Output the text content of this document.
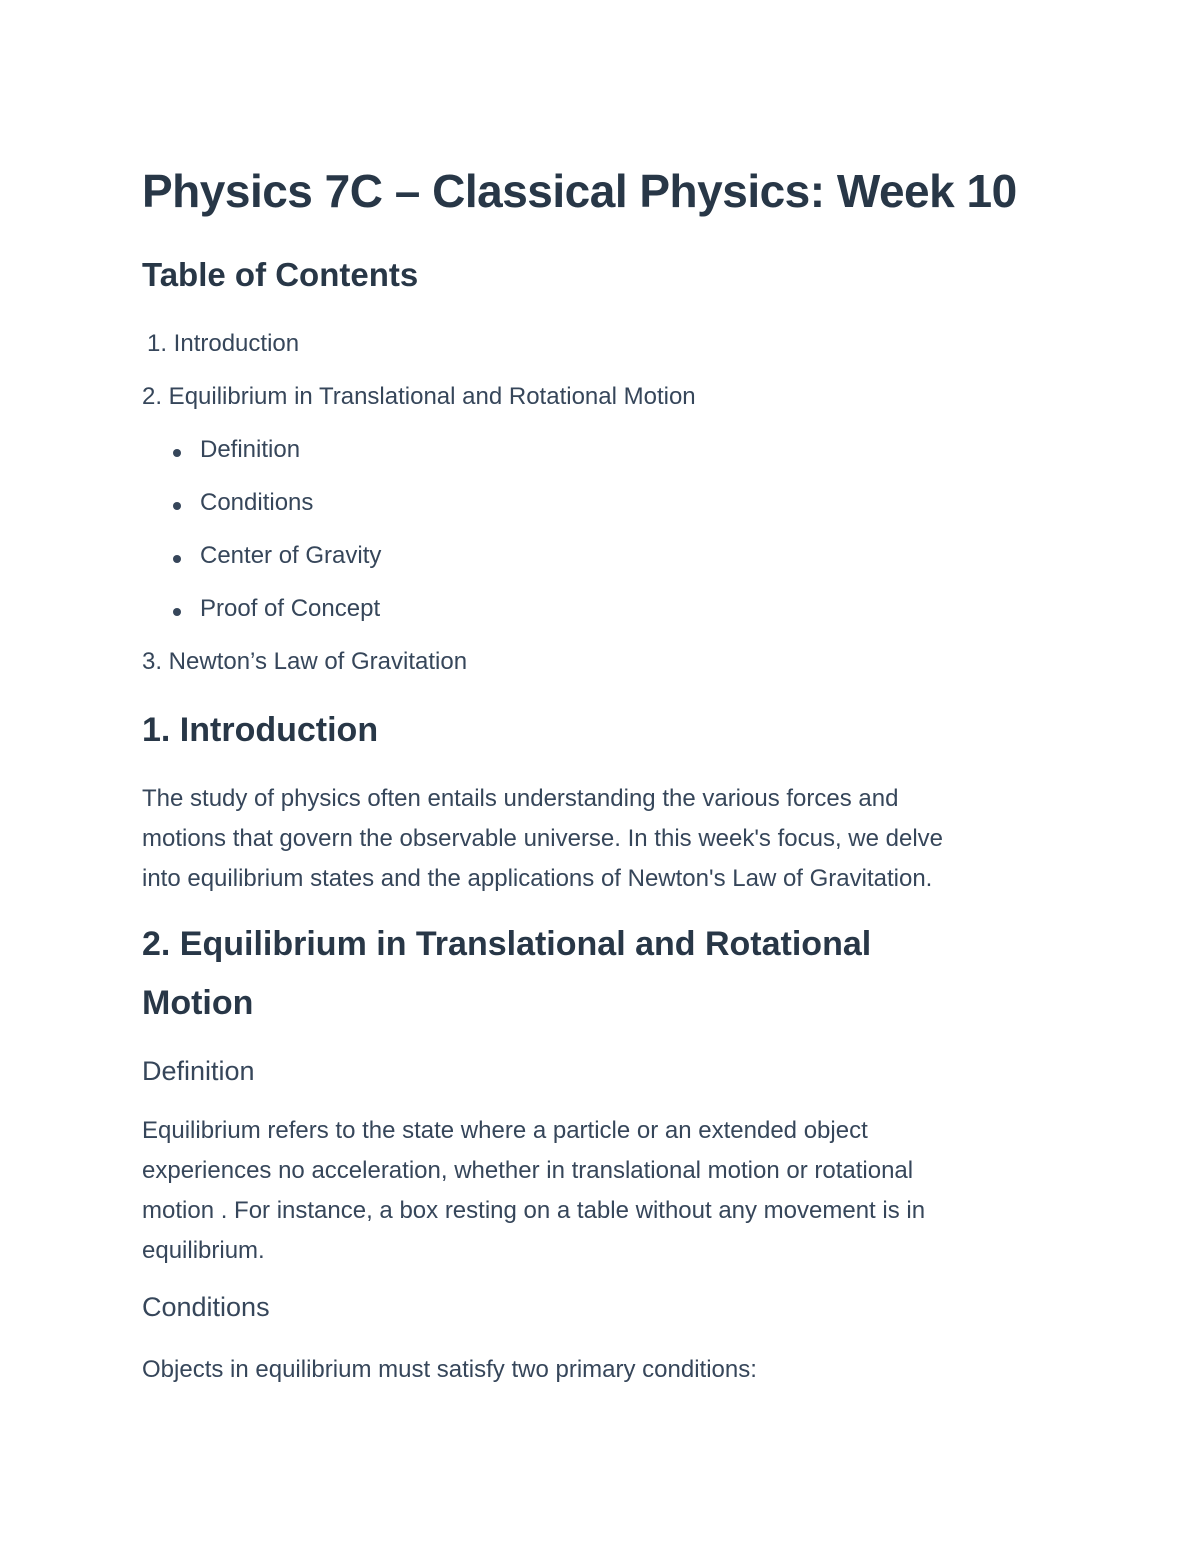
Physics 7C – Classical Physics: Week 10
Table of Contents
1. Introduction
2. Equilibrium in Translational and Rotational Motion
Definition
Conditions
Center of Gravity
Proof of Concept
3. Newton’s Law of Gravitation
1. Introduction
The study of physics often entails understanding the various forces and
motions that govern the observable universe. In this week's focus, we delve
into equilibrium states and the applications of Newton's Law of Gravitation.
2. Equilibrium in Translational and Rotational
Motion
Definition
Equilibrium refers to the state where a particle or an extended object
experiences no acceleration, whether in translational motion or rotational
motion . For instance, a box resting on a table without any movement is in
equilibrium.
Conditions
Objects in equilibrium must satisfy two primary conditions:
